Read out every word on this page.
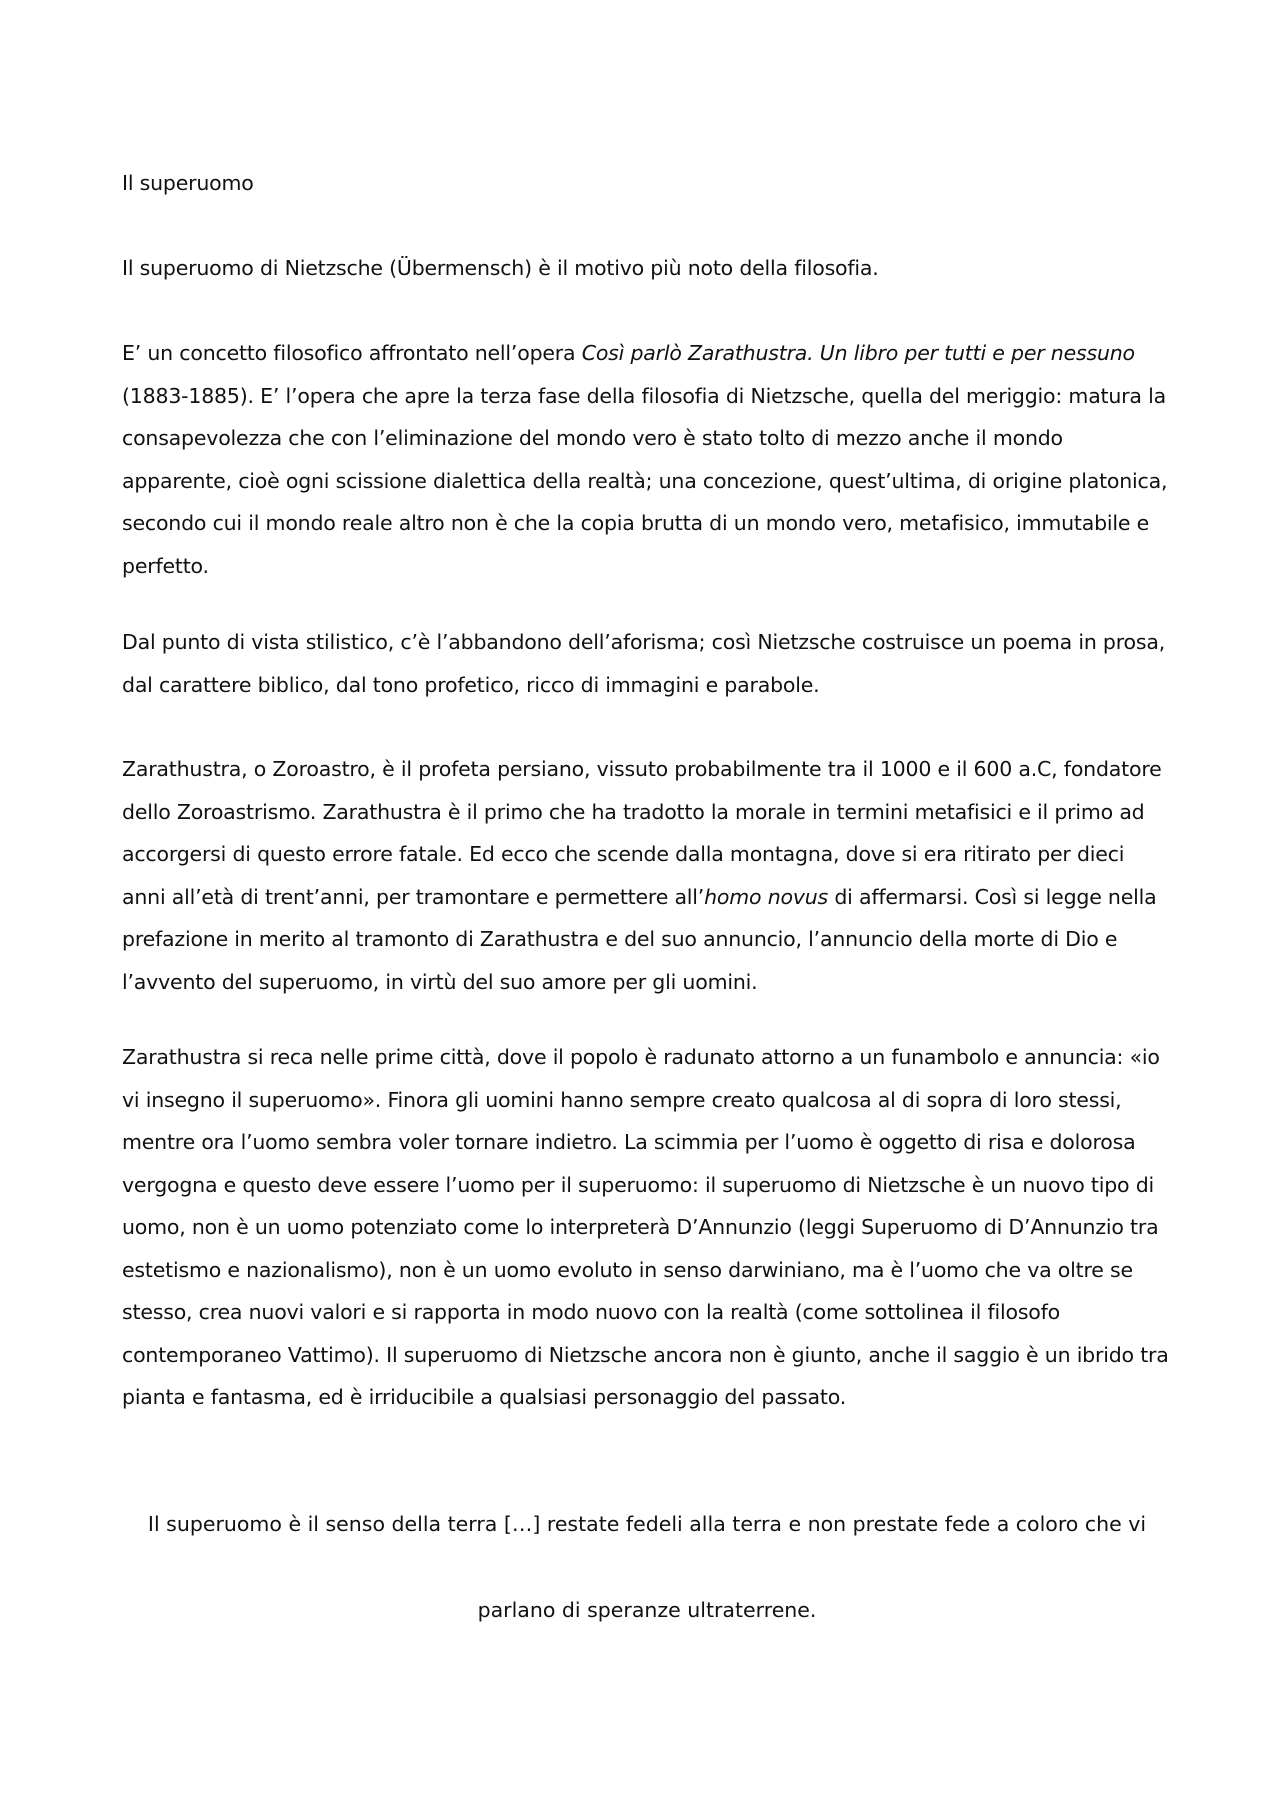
Il superuomo

Il superuomo di Nietzsche (Übermensch) è il motivo più noto della filosofia.

E’ un concetto filosofico affrontato nell’opera Così parlò Zarathustra. Un libro per tutti e per nessuno (1883-1885). E’ l’opera che apre la terza fase della filosofia di Nietzsche, quella del meriggio: matura la consapevolezza che con l’eliminazione del mondo vero è stato tolto di mezzo anche il mondo apparente, cioè ogni scissione dialettica della realtà; una concezione, quest’ultima, di origine platonica, secondo cui il mondo reale altro non è che la copia brutta di un mondo vero, metafisico, immutabile e perfetto.

Dal punto di vista stilistico, c’è l’abbandono dell’aforisma; così Nietzsche costruisce un poema in prosa, dal carattere biblico, dal tono profetico, ricco di immagini e parabole.

Zarathustra, o Zoroastro, è il profeta persiano, vissuto probabilmente tra il 1000 e il 600 a.C, fondatore dello Zoroastrismo. Zarathustra è il primo che ha tradotto la morale in termini metafisici e il primo ad accorgersi di questo errore fatale. Ed ecco che scende dalla montagna, dove si era ritirato per dieci anni all’età di trent’anni, per tramontare e permettere all’homo novus di affermarsi. Così si legge nella prefazione in merito al tramonto di Zarathustra e del suo annuncio, l’annuncio della morte di Dio e l’avvento del superuomo, in virtù del suo amore per gli uomini.

Zarathustra si reca nelle prime città, dove il popolo è radunato attorno a un funambolo e annuncia: «io vi insegno il superuomo». Finora gli uomini hanno sempre creato qualcosa al di sopra di loro stessi, mentre ora l’uomo sembra voler tornare indietro. La scimmia per l’uomo è oggetto di risa e dolorosa vergogna e questo deve essere l’uomo per il superuomo: il superuomo di Nietzsche è un nuovo tipo di uomo, non è un uomo potenziato come lo interpreterà D’Annunzio (leggi Superuomo di D’Annunzio tra estetismo e nazionalismo), non è un uomo evoluto in senso darwiniano, ma è l’uomo che va oltre se stesso, crea nuovi valori e si rapporta in modo nuovo con la realtà (come sottolinea il filosofo contemporaneo Vattimo). Il superuomo di Nietzsche ancora non è giunto, anche il saggio è un ibrido tra pianta e fantasma, ed è irriducibile a qualsiasi personaggio del passato.

Il superuomo è il senso della terra […] restate fedeli alla terra e non prestate fede a coloro che vi parlano di speranze ultraterrene.
